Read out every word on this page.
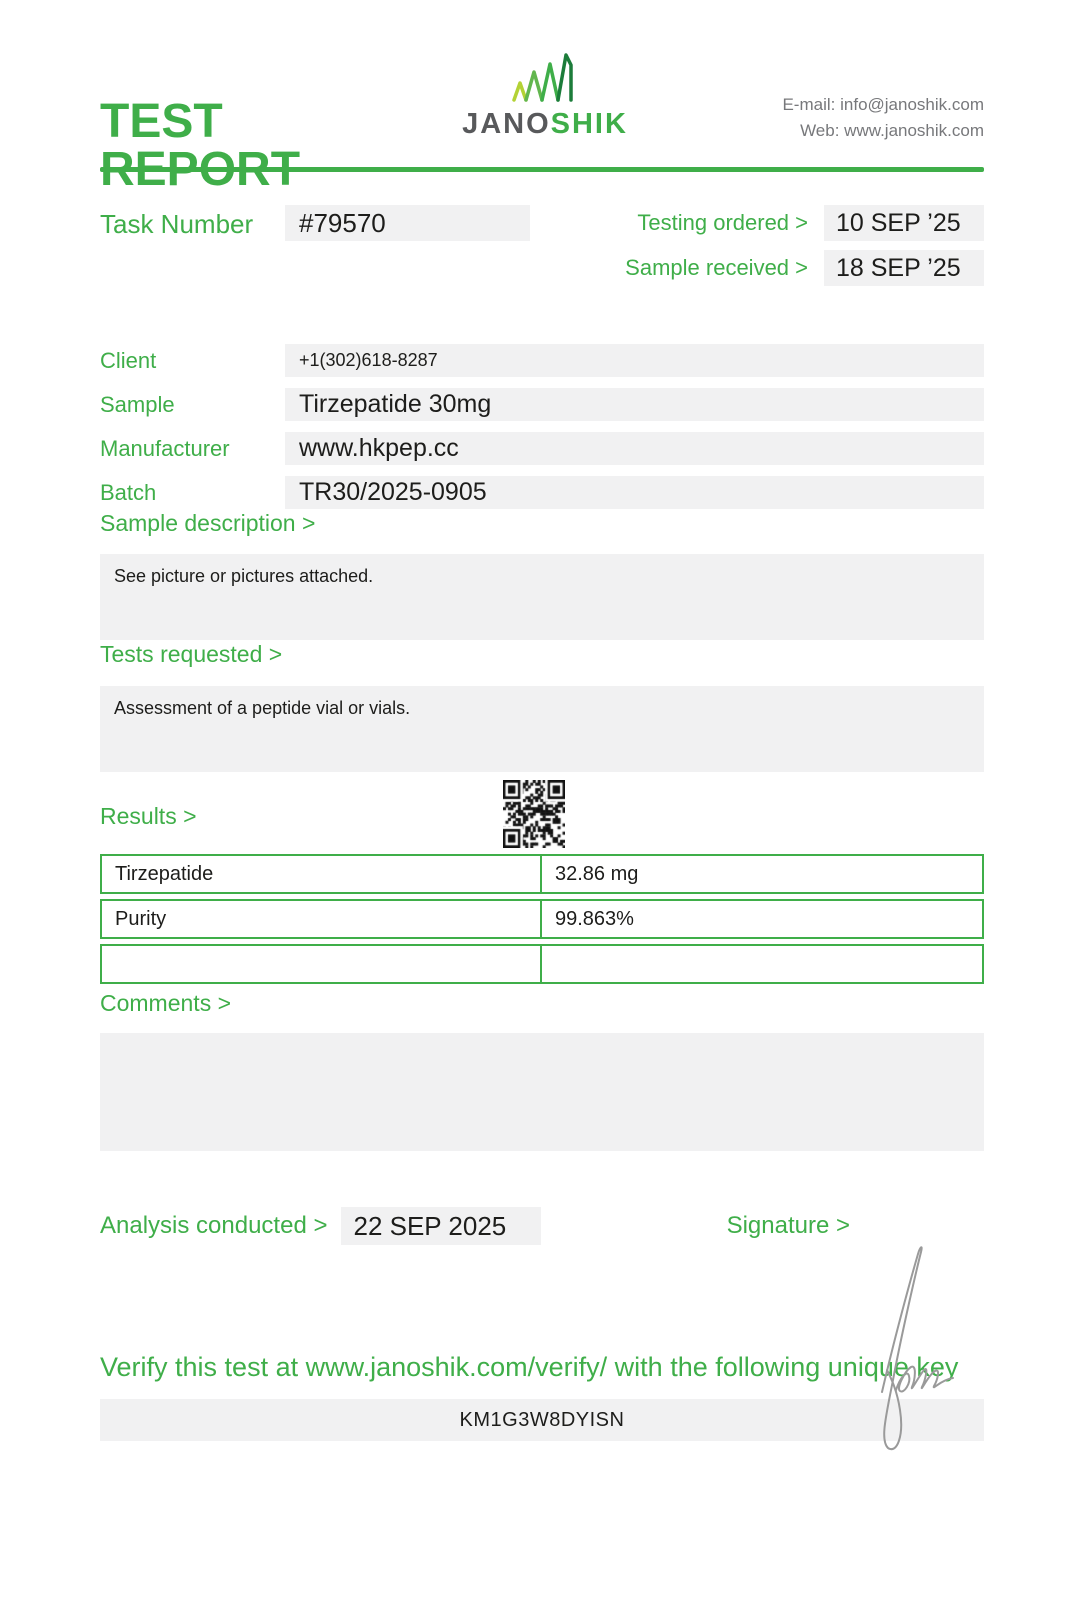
TEST REPORT
JANOSHIK
E-mail: info@janoshik.com
Web: www.janoshik.com
Task Number	#79570	Testing ordered >	10 SEP ’25
Sample received >	18 SEP ’25
Client	+1(302)618-8287
Sample	Tirzepatide 30mg
Manufacturer	www.hkpep.cc
Batch	TR30/2025-0905
Sample description >
See picture or pictures attached.
Tests requested >
Assessment of a peptide vial or vials.
Results >
Tirzepatide	32.86 mg
Purity	99.863%

Comments >
Analysis conducted >	22 SEP 2025	Signature >
Verify this test at www.janoshik.com/verify/ with the following unique key
KM1G3W8DYISN
